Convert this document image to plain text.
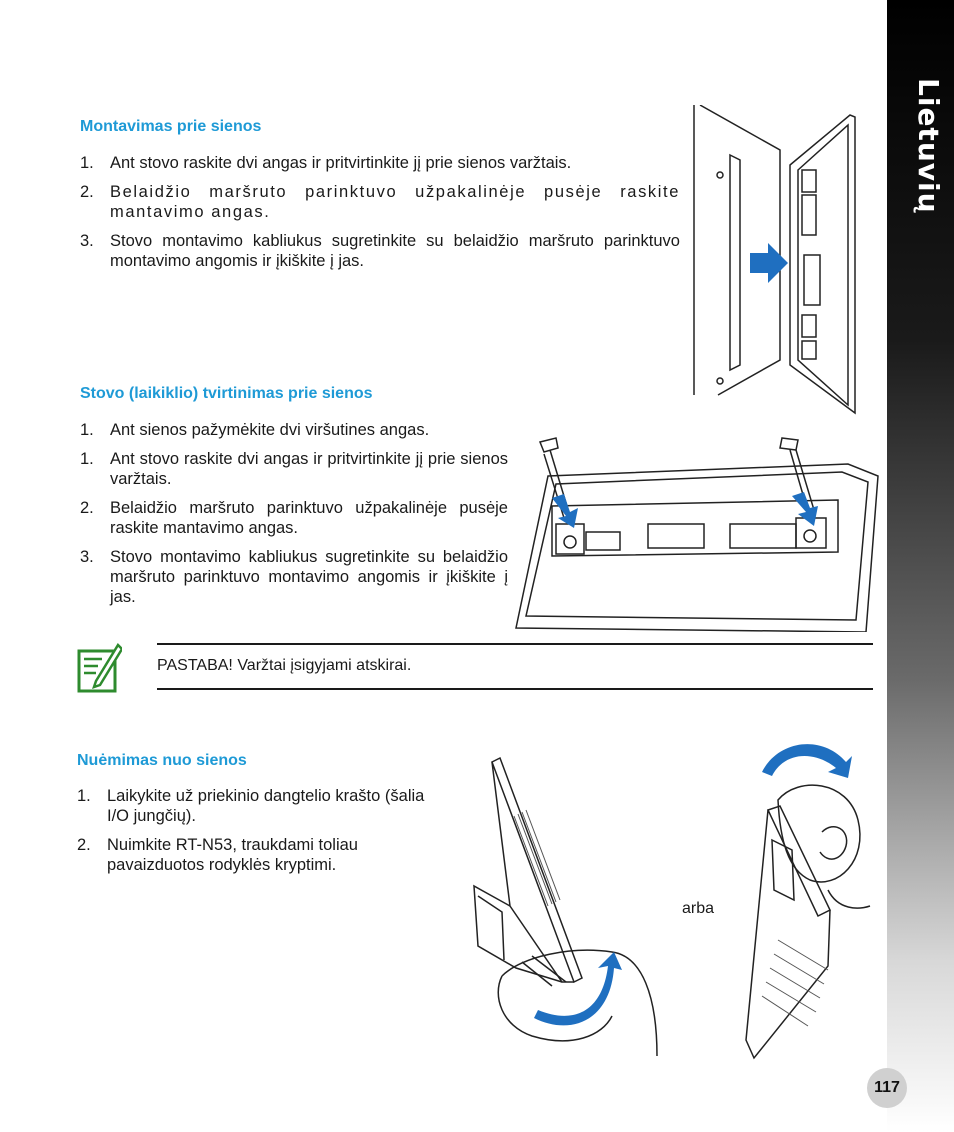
Lietuvių
Montavimas prie sienos
1. Ant stovo raskite dvi angas ir pritvirtinkite jį prie sienos varžtais.
2. Belaidžio maršruto parinktuvo užpakalinėje pusėje raskite mantavimo angas.
3. Stovo montavimo kabliukus sugretinkite su belaidžio maršruto parinktuvo montavimo angomis ir įkiškite į jas.
Stovo (laikiklio) tvirtinimas prie sienos
1. Ant sienos pažymėkite dvi viršutines angas.
1. Ant stovo raskite dvi angas ir pritvirtinkite jį prie sienos varžtais.
2. Belaidžio maršruto parinktuvo užpakalinėje pusėje raskite mantavimo angas.
3. Stovo montavimo kabliukus sugretinkite su belaidžio maršruto parinktuvo montavimo angomis ir įkiškite į jas.
PASTABA! Varžtai įsigyjami atskirai.
Nuėmimas nuo sienos
1. Laikykite už priekinio dangtelio krašto (šalia I/O jungčių).
2. Nuimkite RT-N53, traukdami toliau pavaizduotos rodyklės kryptimi.
arba
117
